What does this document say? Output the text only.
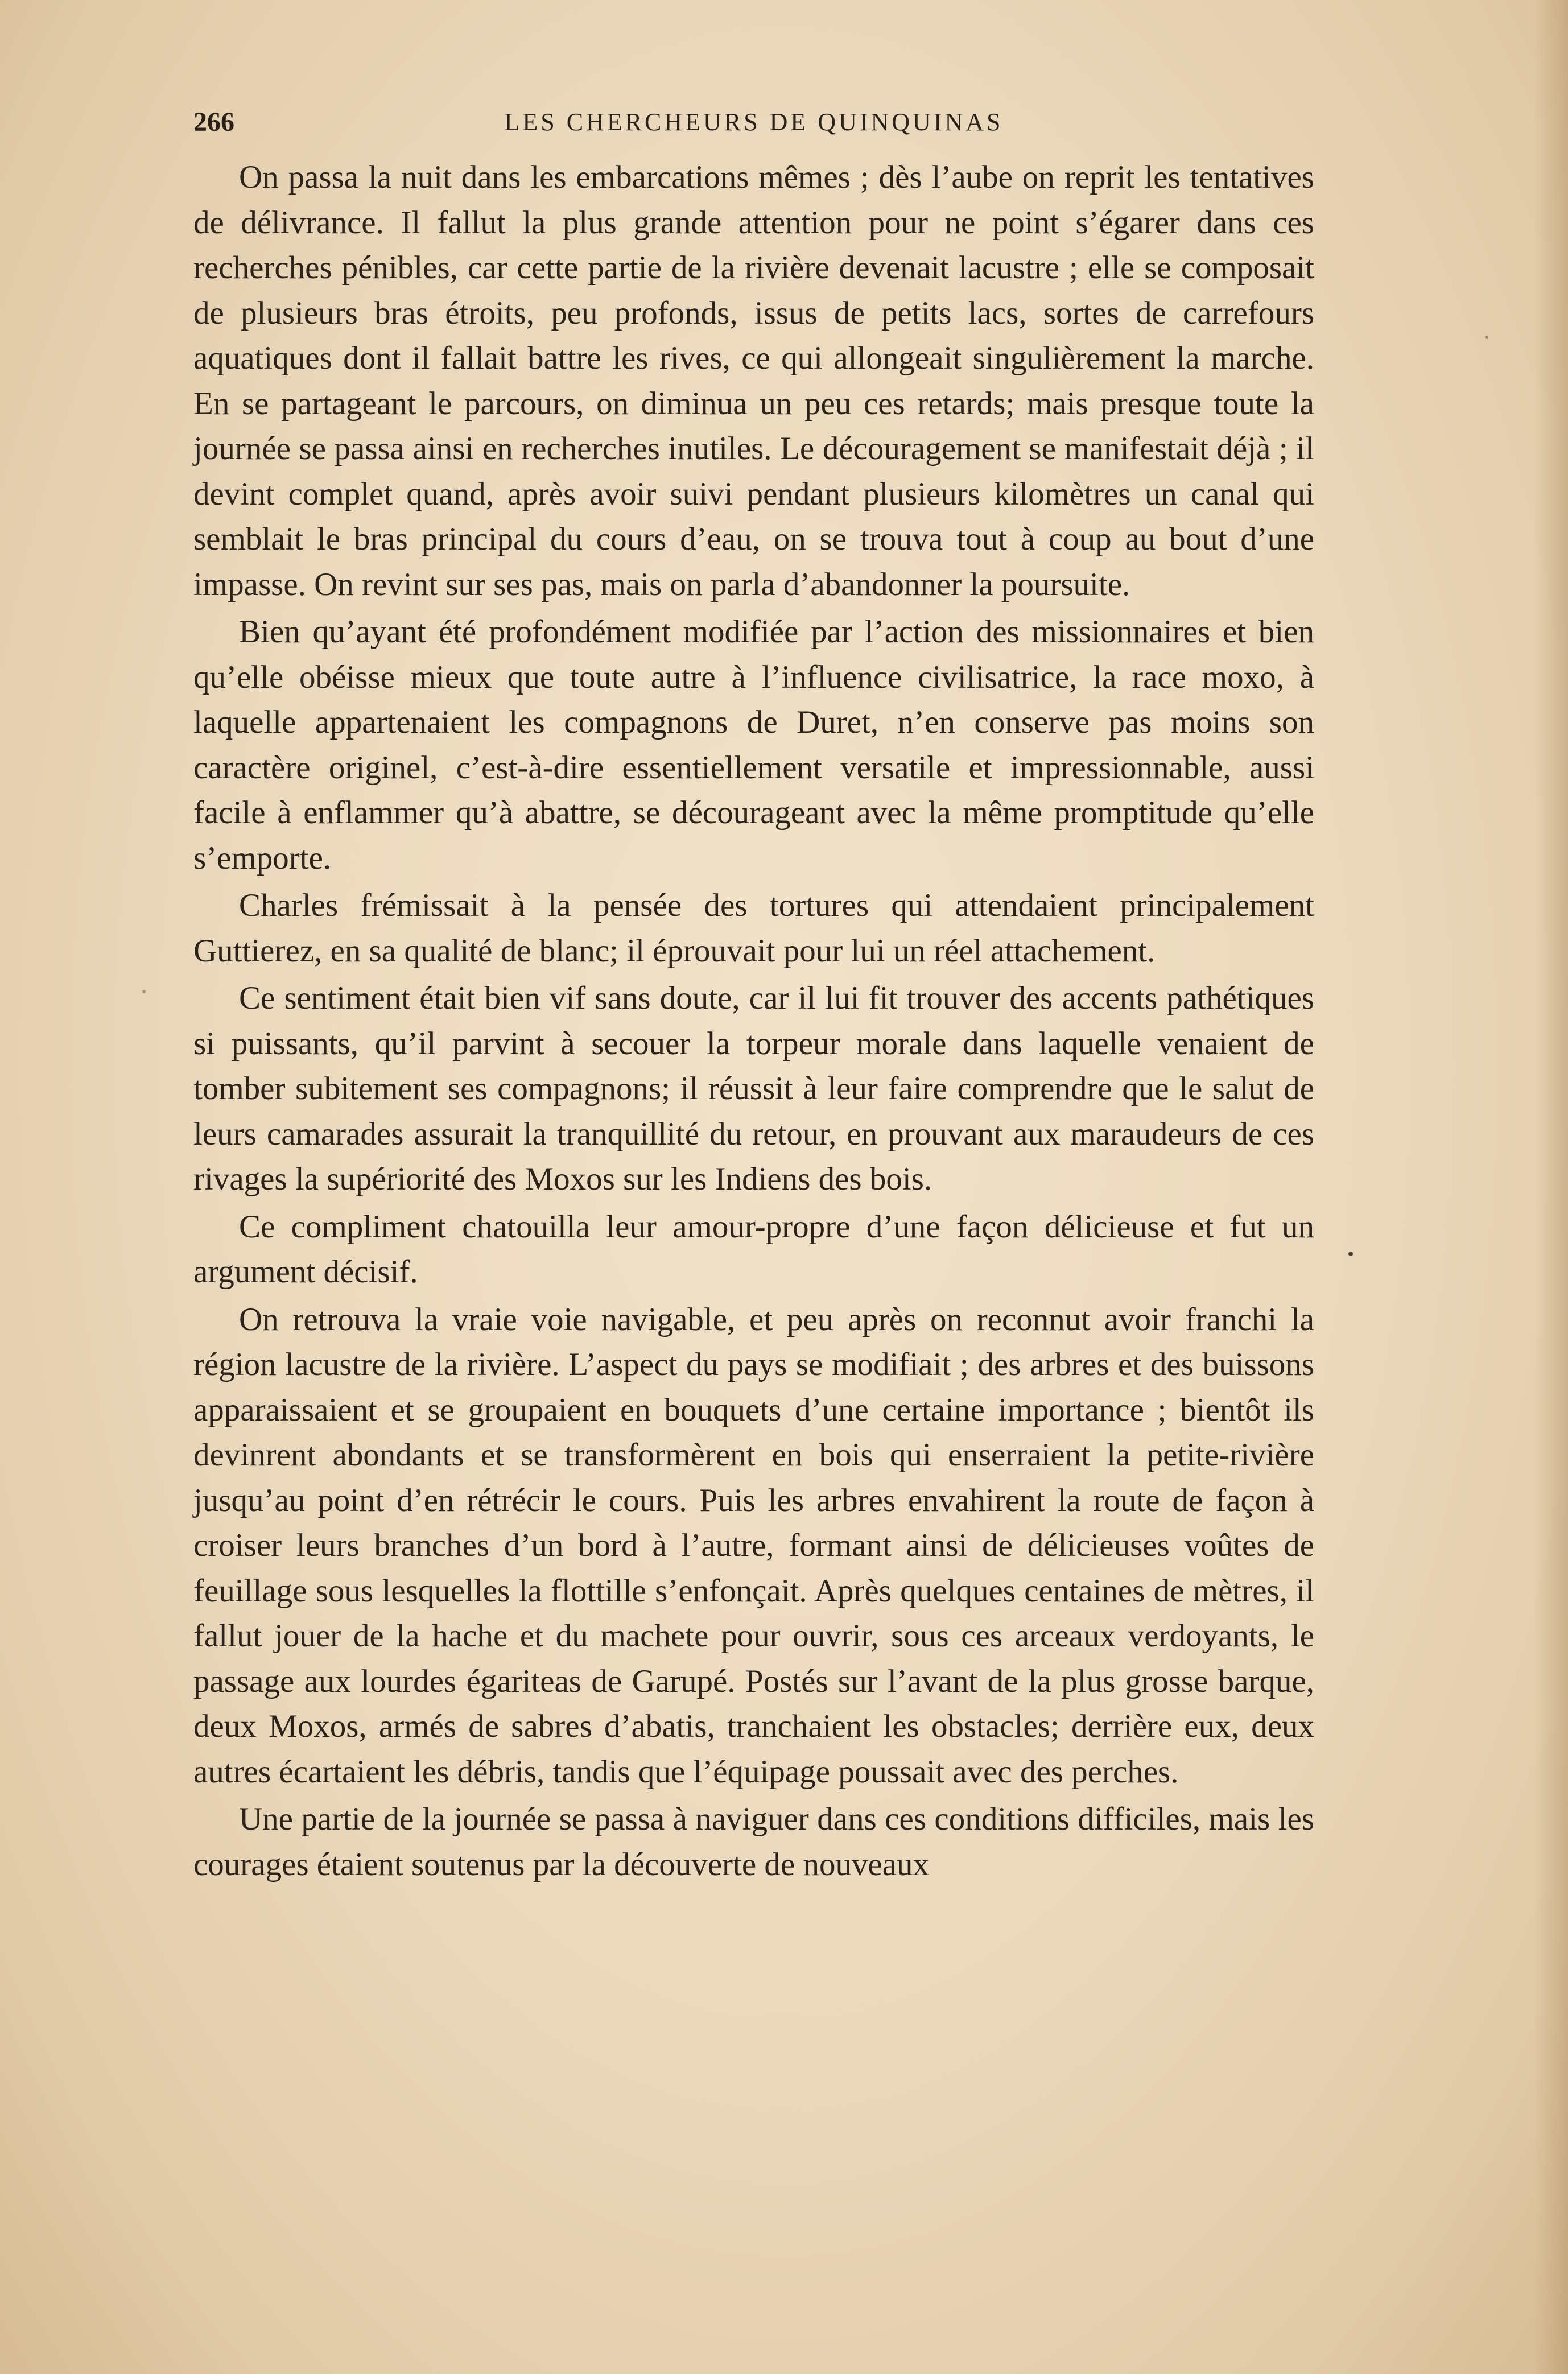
266	LES CHERCHEURS DE QUINQUINAS

On passa la nuit dans les embarcations mêmes ; dès l’aube on reprit les tentatives de délivrance. Il fallut la plus grande attention pour ne point s’égarer dans ces recherches pénibles, car cette partie de la rivière devenait lacustre ; elle se composait de plusieurs bras étroits, peu profonds, issus de petits lacs, sortes de carrefours aquatiques dont il fallait battre les rives, ce qui allongeait singulièrement la marche. En se partageant le parcours, on diminua un peu ces retards; mais presque toute la journée se passa ainsi en recherches inutiles. Le découragement se manifestait déjà ; il devint complet quand, après avoir suivi pendant plusieurs kilomètres un canal qui semblait le bras principal du cours d’eau, on se trouva tout à coup au bout d’une impasse. On revint sur ses pas, mais on parla d’abandonner la poursuite.

Bien qu’ayant été profondément modifiée par l’action des missionnaires et bien qu’elle obéisse mieux que toute autre à l’influence civilisatrice, la race moxo, à laquelle appartenaient les compagnons de Duret, n’en conserve pas moins son caractère originel, c’est-à-dire essentiellement versatile et impressionnable, aussi facile à enflammer qu’à abattre, se décourageant avec la même promptitude qu’elle s’emporte.

Charles frémissait à la pensée des tortures qui attendaient principalement Guttierez, en sa qualité de blanc; il éprouvait pour lui un réel attachement.

Ce sentiment était bien vif sans doute, car il lui fit trouver des accents pathétiques si puissants, qu’il parvint à secouer la torpeur morale dans laquelle venaient de tomber subitement ses compagnons; il réussit à leur faire comprendre que le salut de leurs camarades assurait la tranquillité du retour, en prouvant aux maraudeurs de ces rivages la supériorité des Moxos sur les Indiens des bois.

Ce compliment chatouilla leur amour-propre d’une façon délicieuse et fut un argument décisif.

On retrouva la vraie voie navigable, et peu après on reconnut avoir franchi la région lacustre de la rivière. L’aspect du pays se modifiait ; des arbres et des buissons apparaissaient et se groupaient en bouquets d’une certaine importance ; bientôt ils devinrent abondants et se transformèrent en bois qui enserraient la petite-rivière jusqu’au point d’en rétrécir le cours. Puis les arbres envahirent la route de façon à croiser leurs branches d’un bord à l’autre, formant ainsi de délicieuses voûtes de feuillage sous lesquelles la flottille s’enfonçait. Après quelques centaines de mètres, il fallut jouer de la hache et du machete pour ouvrir, sous ces arceaux verdoyants, le passage aux lourdes égariteas de Garupé. Postés sur l’avant de la plus grosse barque, deux Moxos, armés de sabres d’abatis, tranchaient les obstacles; derrière eux, deux autres écartaient les débris, tandis que l’équipage poussait avec des perches.

Une partie de la journée se passa à naviguer dans ces conditions difficiles, mais les courages étaient soutenus par la découverte de nouveaux
